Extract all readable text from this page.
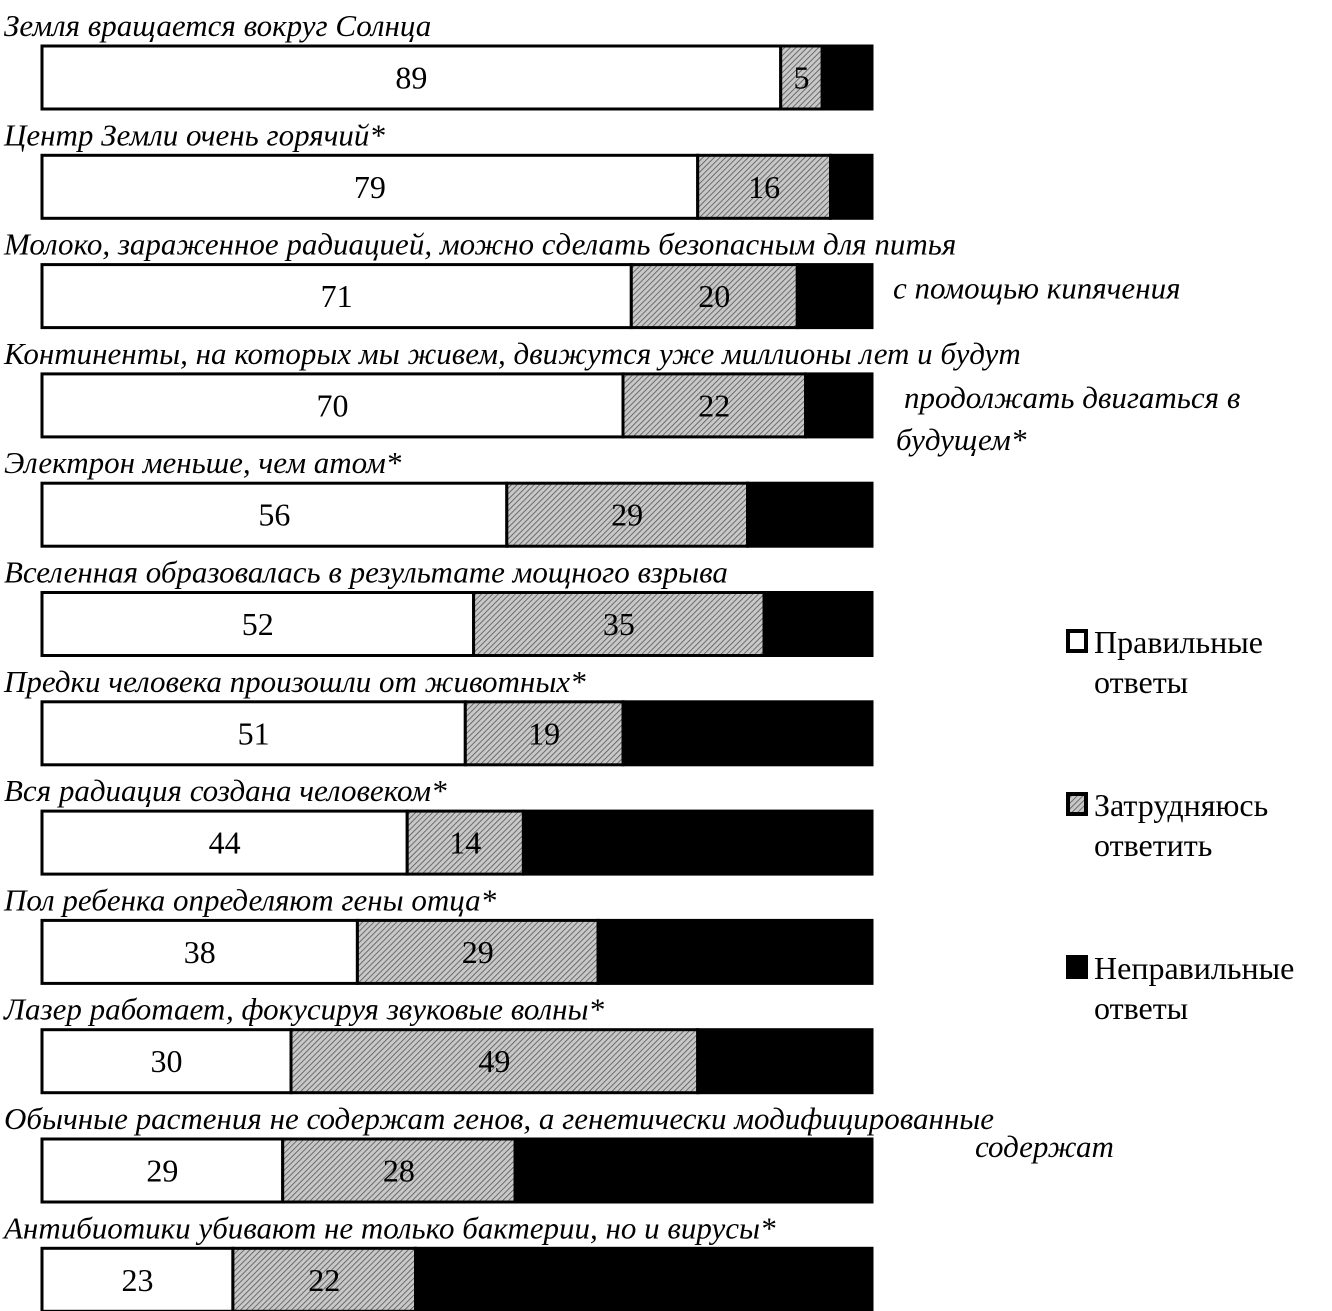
Земля вращается вокруг Солнца
89	5
Центр Земли очень горячий*
79	16
Молоко, зараженное радиацией, можно сделать безопасным для питья
с помощью кипячения
71	20
Континенты, на которых мы живем, движутся уже миллионы лет и будут
продолжать двигаться в
будущем*
70	22
Электрон меньше, чем атом*
56	29
Вселенная образовалась в результате мощного взрыва
52	35
Предки человека произошли от животных*
51	19
Вся радиация создана человеком*
44	14
Пол ребенка определяют гены отца*
38	29
Лазер работает, фокусируя звуковые волны*
30	49
Обычные растения не содержат генов, а генетически модифицированные
содержат
29	28
Антибиотики убивают не только бактерии, но и вирусы*
23	22
Правильные
ответы
Затрудняюсь
ответить
Неправильные
ответы
